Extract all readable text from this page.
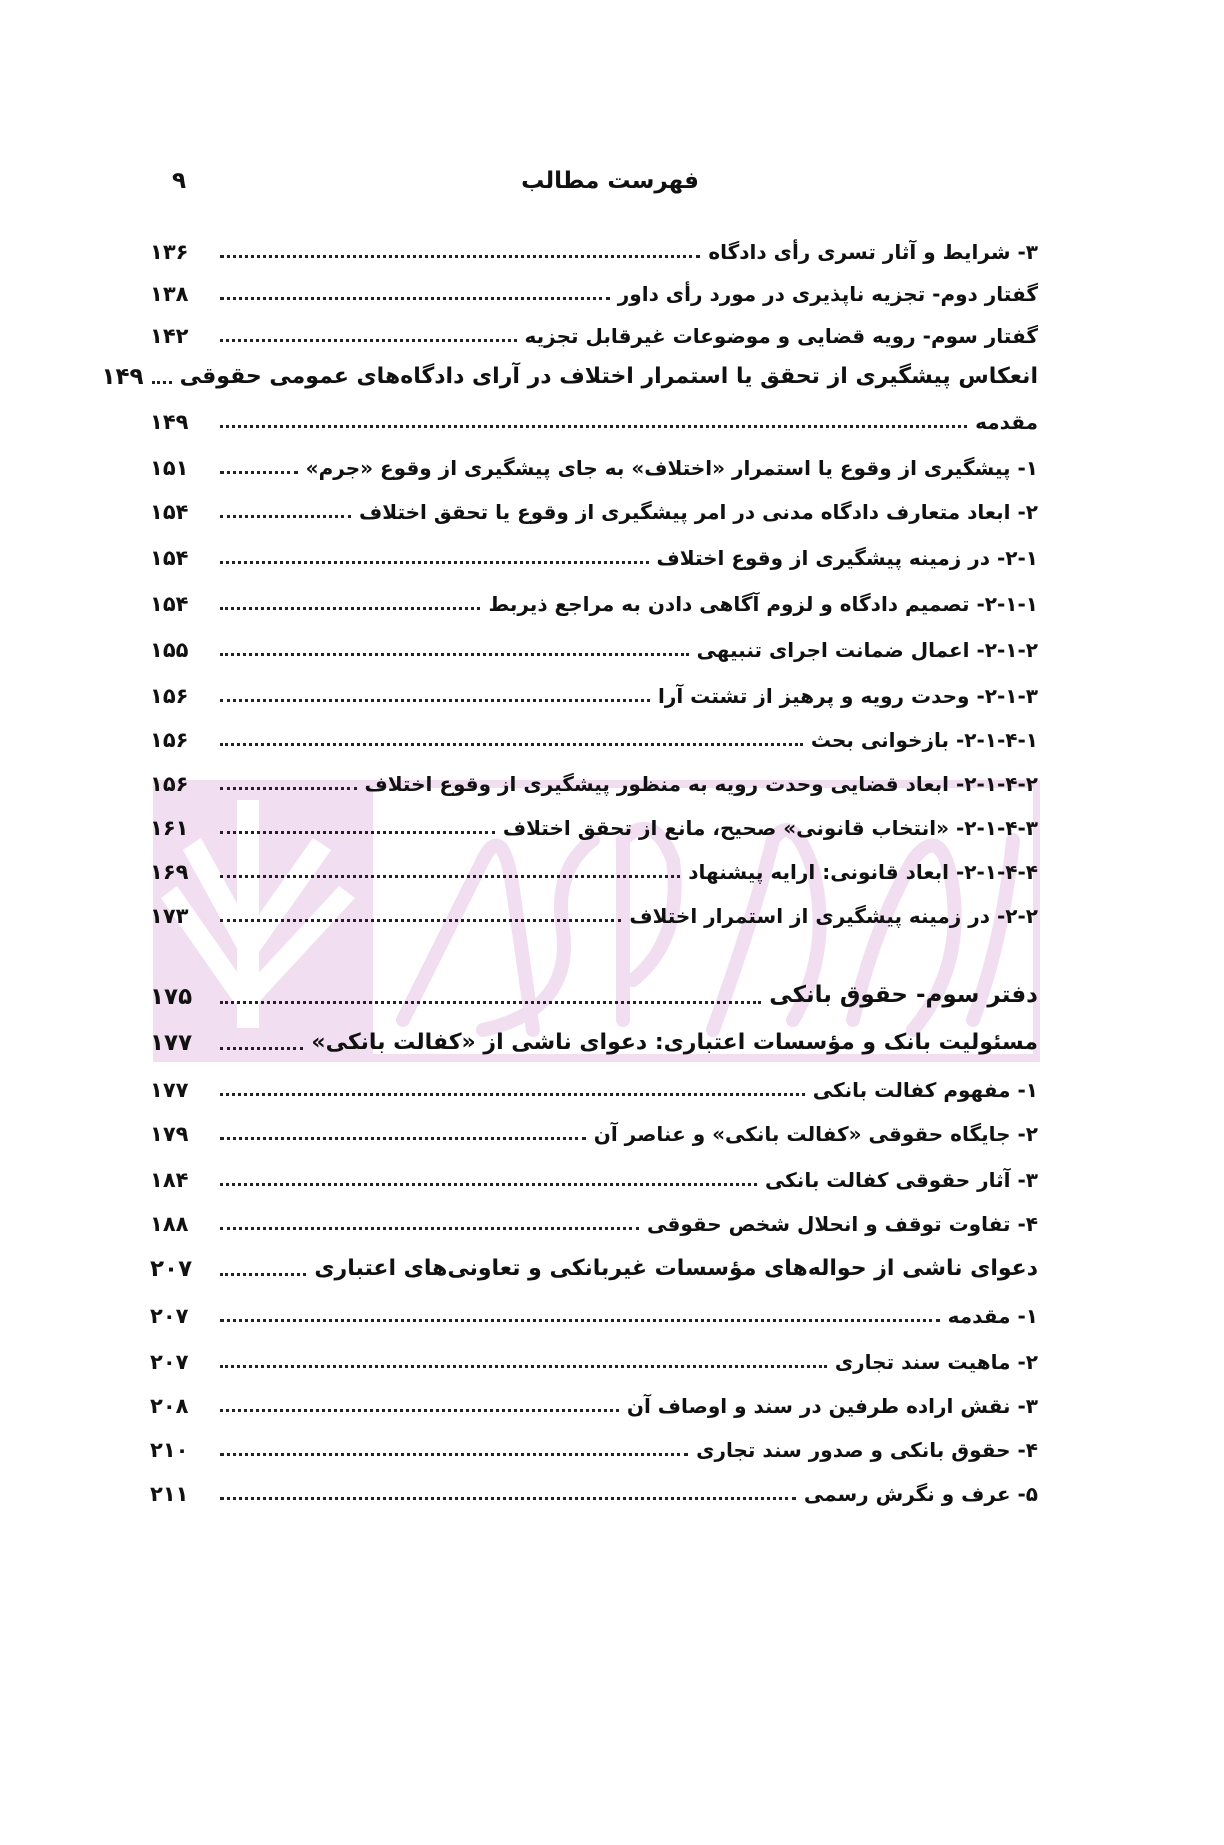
فهرست مطالب
۹
۳- شرایط و آثار تسری رأی دادگاه
۱۳۶
گفتار دوم- تجزیه ناپذیری در مورد رأی داور
۱۳۸
گفتار سوم- رویه قضایی و موضوعات غیرقابل تجزیه
۱۴۲
انعکاس پیشگیری از تحقق یا استمرار اختلاف در آرای دادگاه‌های عمومی حقوقی
۱۴۹
مقدمه
۱۴۹
۱- پیشگیری از وقوع یا استمرار «اختلاف» به جای پیشگیری از وقوع «جرم»
۱۵۱
۲- ابعاد متعارف دادگاه مدنی در امر پیشگیری از وقوع یا تحقق اختلاف
۱۵۴
۲-۱- در زمینه پیشگیری از وقوع اختلاف
۱۵۴
۲-۱-۱- تصمیم دادگاه و لزوم آگاهی دادن به مراجع ذیربط
۱۵۴
۲-۱-۲- اعمال ضمانت اجرای تنبیهی
۱۵۵
۲-۱-۳- وحدت رویه و پرهیز از تشتت آرا
۱۵۶
۲-۱-۴-۱- بازخوانی بحث
۱۵۶
۲-۱-۴-۲- ابعاد قضایی وحدت رویه به منظور پیشگیری از وقوع اختلاف
۱۵۶
۲-۱-۴-۳- «انتخاب قانونی» صحیح، مانع از تحقق اختلاف
۱۶۱
۲-۱-۴-۴- ابعاد قانونی: ارایه پیشنهاد
۱۶۹
۲-۲- در زمینه پیشگیری از استمرار اختلاف
۱۷۳
دفتر سوم- حقوق بانکی
۱۷۵
مسئولیت بانک و مؤسسات اعتباری: دعوای ناشی از «کفالت بانکی»
۱۷۷
۱- مفهوم کفالت بانکی
۱۷۷
۲- جایگاه حقوقی «کفالت بانکی» و عناصر آن
۱۷۹
۳- آثار حقوقی کفالت بانکی
۱۸۴
۴- تفاوت توقف و انحلال شخص حقوقی
۱۸۸
دعوای ناشی از حواله‌های مؤسسات غیربانکی و تعاونی‌های اعتباری
۲۰۷
۱- مقدمه
۲۰۷
۲- ماهیت سند تجاری
۲۰۷
۳- نقش اراده طرفین در سند و اوصاف آن
۲۰۸
۴- حقوق بانکی و صدور سند تجاری
۲۱۰
۵- عرف و نگرش رسمی
۲۱۱
